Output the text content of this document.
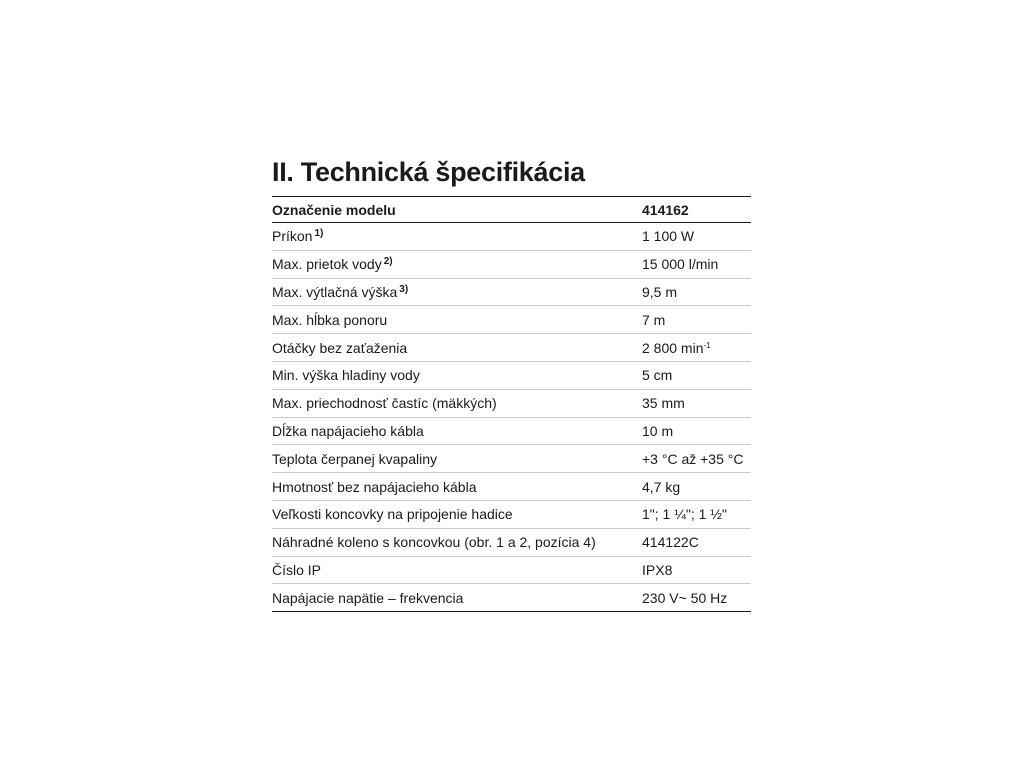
II. Technická špecifikácia
Označenie modelu	414162
Príkon $^{1)}$	1 100 W
Max. prietok vody $^{2)}$	15 000 l/min
Max. výtlačná výška $^{3)}$	9,5 m
Max. hĺbka ponoru	7 m
Otáčky bez zaťaženia	2 800 $\min^{-1}$
Min. výška hladiny vody	5 cm
Max. priechodnosť častíc (mäkkých)	35 mm
Dĺžka napájacieho kábla	10 m
Teplota čerpanej kvapaliny	+3 °C až +35 °C
Hmotnosť bez napájacieho kábla	4,7 kg
Veľkosti koncovky na pripojenie hadice	1"; 1 ¼"; 1 ½"
Náhradné koleno s koncovkou (obr. 1 a 2, pozícia 4)	414122C
Číslo IP	IPX8
Napájacie napätie – frekvencia	230 V~ 50 Hz
